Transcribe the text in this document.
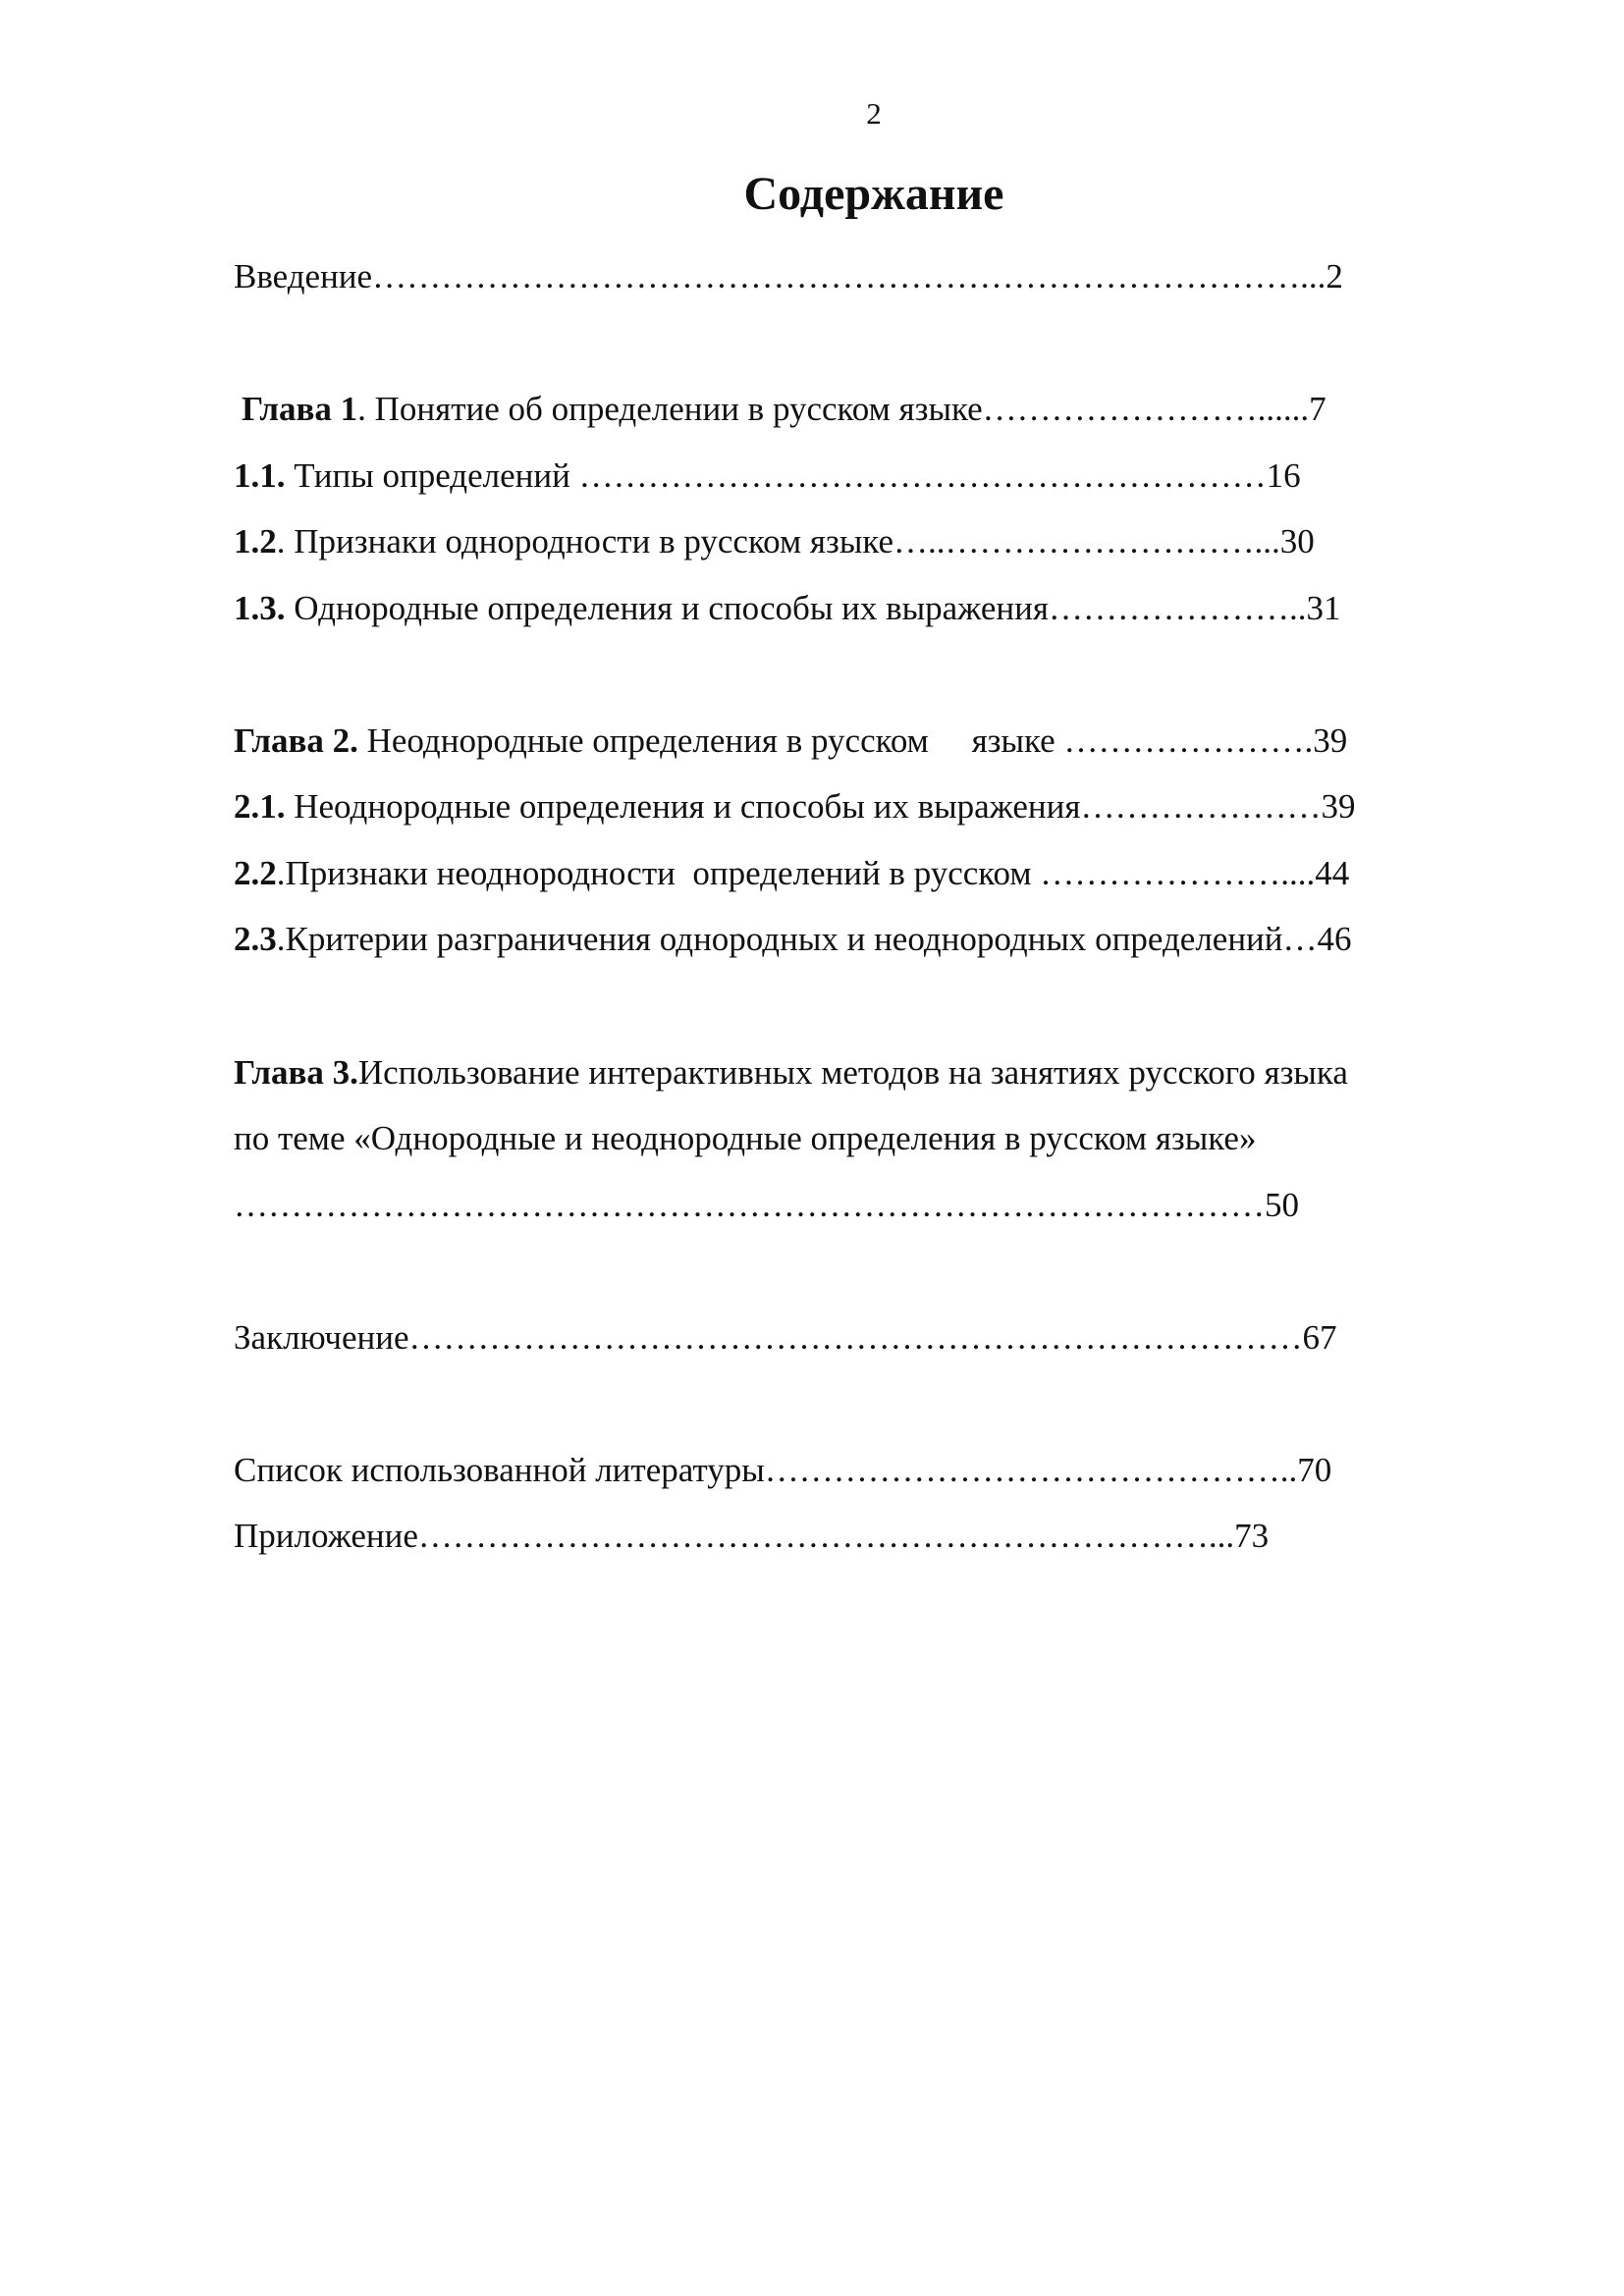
2
Содержание
Введение………………………………………………………………………...2
Глава 1. Понятие об определении в русском языке……………………......7
1.1. Типы определений ……………………………………………………16
1.2. Признаки однородности в русском языке…..………………………...30
1.3. Однородные определения и способы их выражения…………………..31
Глава 2. Неоднородные определения в русском     языке ………………….39
2.1. Неоднородные определения и способы их выражения…………………39
2.2.Признаки неоднородности  определений в русском …………………....44
2.3.Критерии разграничения однородных и неоднородных определений…46
Глава 3.Использование интерактивных методов на занятиях русского языка
по теме «Однородные и неоднородные определения в русском языке»
………………………………………………………………………………50
Заключение……………………………………………………………………67
Список использованной литературы………………………………………..70
Приложение……………………………………………………………...73
